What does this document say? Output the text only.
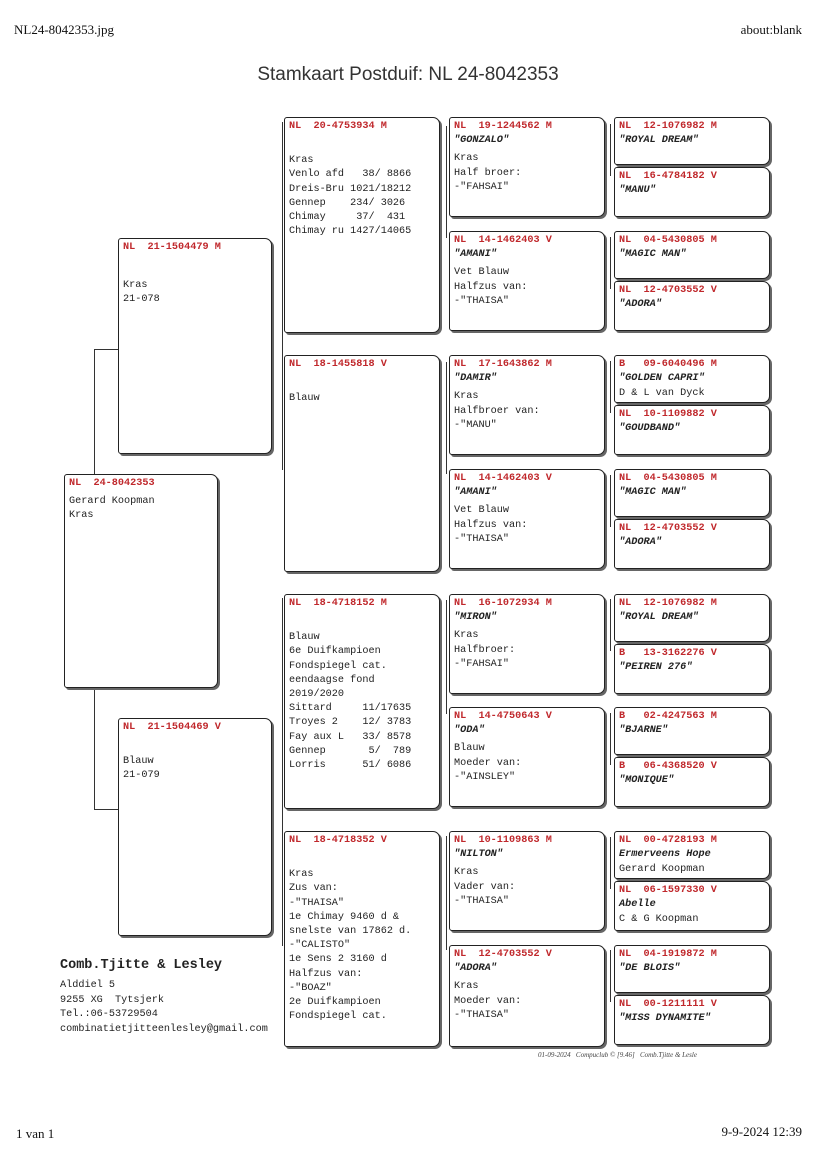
NL24-8042353.jpg	about:blank
Stamkaart Postduif: NL 24-8042353
NL  24-8042353
Gerard Koopman
Kras
NL  21-1504479 M
Kras
21-078
NL  21-1504469 V
Blauw
21-079
NL  20-4753934 M
Kras
Venlo afd   38/ 8866
Dreis-Bru 1021/18212
Gennep    234/ 3026
Chimay     37/  431
Chimay ru 1427/14065
NL  18-1455818 V
Blauw
NL  18-4718152 M
Blauw
6e Duifkampioen
Fondspiegel cat.
eendaagse fond
2019/2020
Sittard     11/17635
Troyes 2    12/ 3783
Fay aux L   33/ 8578
Gennep       5/  789
Lorris      51/ 6086
NL  18-4718352 V
Kras
Zus van:
-"THAISA"
1e Chimay 9460 d &
snelste van 17862 d.
-"CALISTO"
1e Sens 2 3160 d
Halfzus van:
-"BOAZ"
2e Duifkampioen
Fondspiegel cat.
NL  19-1244562 M
"GONZALO"
Kras
Half broer:
-"FAHSAI"
NL  14-1462403 V
"AMANI"
Vet Blauw
Halfzus van:
-"THAISA"
NL  17-1643862 M
"DAMIR"
Kras
Halfbroer van:
-"MANU"
NL  14-1462403 V
"AMANI"
Vet Blauw
Halfzus van:
-"THAISA"
NL  16-1072934 M
"MIRON"
Kras
Halfbroer:
-"FAHSAI"
NL  14-4750643 V
"ODA"
Blauw
Moeder van:
-"AINSLEY"
NL  10-1109863 M
"NILTON"
Kras
Vader van:
-"THAISA"
NL  12-4703552 V
"ADORA"
Kras
Moeder van:
-"THAISA"
NL  12-1076982 M
"ROYAL DREAM"
NL  16-4784182 V
"MANU"
NL  04-5430805 M
"MAGIC MAN"
NL  12-4703552 V
"ADORA"
B   09-6040496 M
"GOLDEN CAPRI"
D & L van Dyck
NL  10-1109882 V
"GOUDBAND"
NL  04-5430805 M
"MAGIC MAN"
NL  12-4703552 V
"ADORA"
NL  12-1076982 M
"ROYAL DREAM"
B   13-3162276 V
"PEIREN 276"
B   02-4247563 M
"BJARNE"
B   06-4368520 V
"MONIQUE"
NL  00-4728193 M
Ermerveens Hope
Gerard Koopman
NL  06-1597330 V
Abelle
C & G Koopman
NL  04-1919872 M
"DE BLOIS"
NL  00-1211111 V
"MISS DYNAMITE"
Comb.Tjitte & Lesley
Alddiel 5
9255 XG  Tytsjerk
Tel.:06-53729504
combinatietjitteenlesley@gmail.com
01-09-2024   Compuclub © [9.46]   Comb.Tjitte & Lesle
1 van 1	9-9-2024 12:39
